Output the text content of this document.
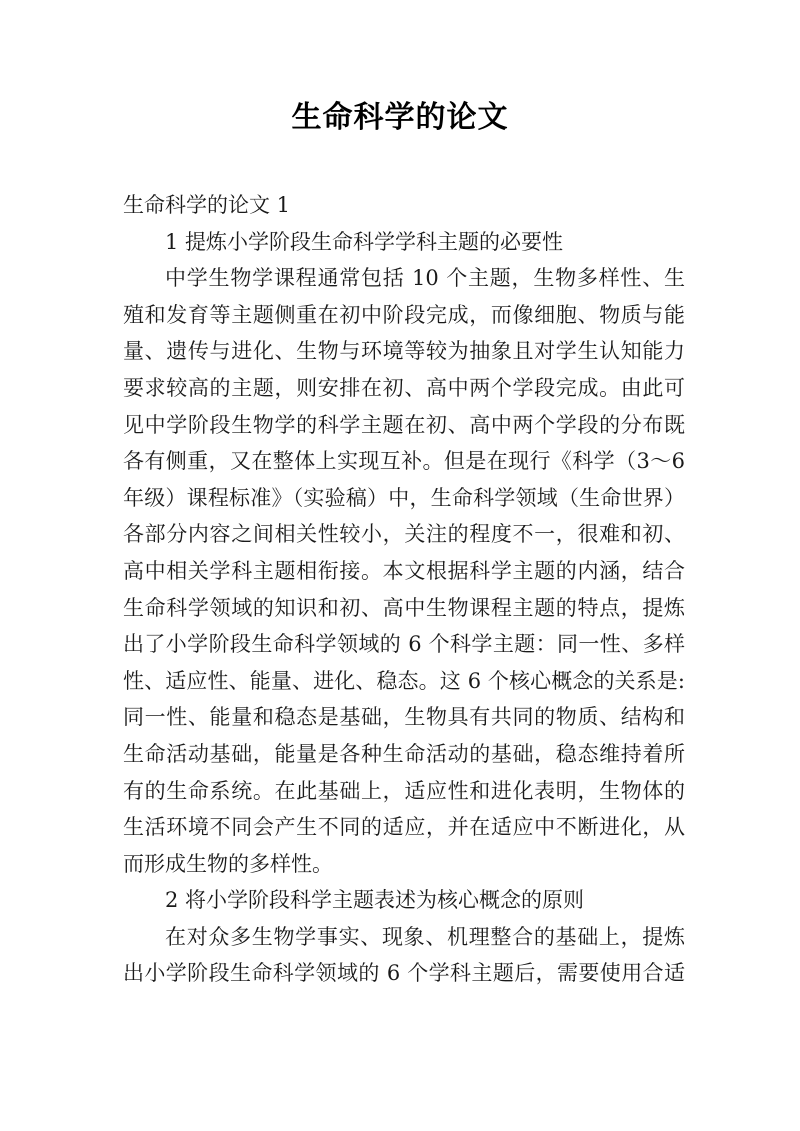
生命科学的论文
生命科学的论文 1
1 提炼小学阶段生命科学学科主题的必要性
中学生物学课程通常包括 10 个主题，生物多样性、生
殖和发育等主题侧重在初中阶段完成，而像细胞、物质与能
量、遗传与进化、生物与环境等较为抽象且对学生认知能力
要求较高的主题，则安排在初、高中两个学段完成。由此可
见中学阶段生物学的科学主题在初、高中两个学段的分布既
各有侧重，又在整体上实现互补。但是在现行《科学（3～6
年级）课程标准》（实验稿）中，生命科学领域（生命世界）
各部分内容之间相关性较小，关注的程度不一，很难和初、
高中相关学科主题相衔接。本文根据科学主题的内涵，结合
生命科学领域的知识和初、高中生物课程主题的特点，提炼
出了小学阶段生命科学领域的 6 个科学主题：同一性、多样
性、适应性、能量、进化、稳态。这 6 个核心概念的关系是:
同一性、能量和稳态是基础，生物具有共同的物质、结构和
生命活动基础，能量是各种生命活动的基础，稳态维持着所
有的生命系统。在此基础上，适应性和进化表明，生物体的
生活环境不同会产生不同的适应，并在适应中不断进化，从
而形成生物的多样性。
2 将小学阶段科学主题表述为核心概念的原则
在对众多生物学事实、现象、机理整合的基础上，提炼
出小学阶段生命科学领域的 6 个学科主题后，需要使用合适
